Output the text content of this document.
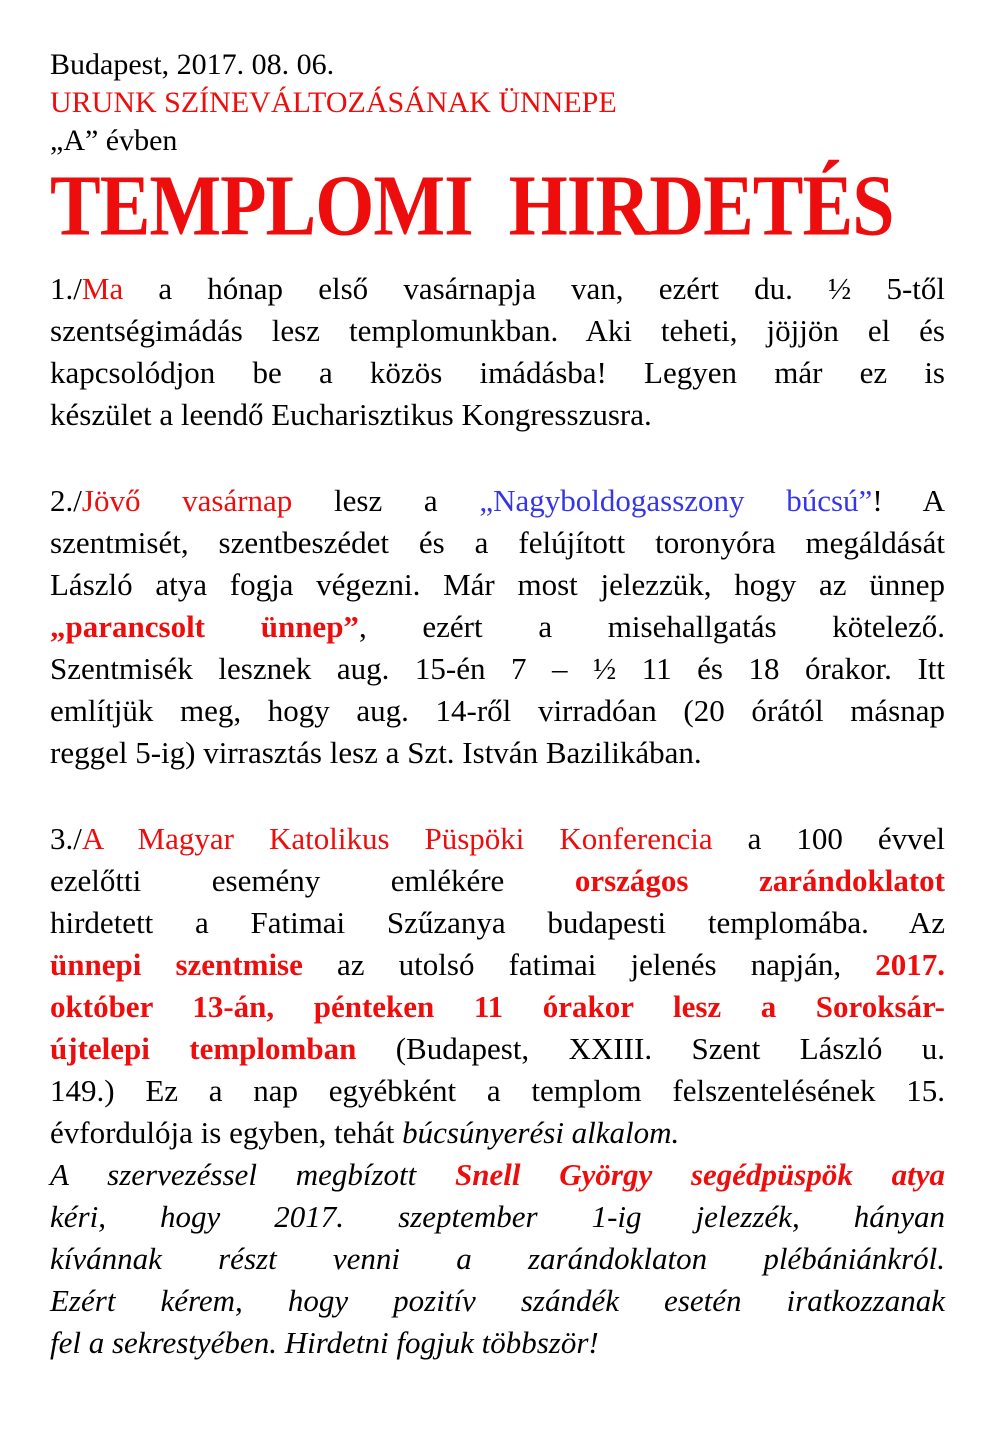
Budapest, 2017. 08. 06.
URUNK SZÍNEVÁLTOZÁSÁNAK ÜNNEPE
„A” évben
TEMPLOMI  HIRDETÉS
1./Ma a hónap első vasárnapja van, ezért du. ½ 5-től
szentségimádás lesz templomunkban. Aki teheti, jöjjön el és
kapcsolódjon be a közös imádásba! Legyen már ez is
készület a leendő Eucharisztikus Kongresszusra.
2./Jövő vasárnap lesz a „Nagyboldogasszony búcsú”! A
szentmisét, szentbeszédet és a felújított toronyóra megáldását
László atya fogja végezni. Már most jelezzük, hogy az ünnep
„parancsolt ünnep”, ezért a misehallgatás kötelező.
Szentmisék lesznek aug. 15-én 7 – ½ 11 és 18 órakor. Itt
említjük meg, hogy aug. 14-ről virradóan (20 órától másnap
reggel 5-ig) virrasztás lesz a Szt. István Bazilikában.
3./A Magyar Katolikus Püspöki Konferencia a 100 évvel
ezelőtti esemény emlékére országos zarándoklatot
hirdetett a Fatimai Szűzanya budapesti templomába. Az
ünnepi szentmise az utolsó fatimai jelenés napján, 2017.
október 13-án, pénteken 11 órakor lesz a Soroksár-
újtelepi templomban (Budapest, XXIII. Szent László u.
149.) Ez a nap egyébként a templom felszentelésének 15.
évfordulója is egyben, tehát búcsúnyerési alkalom.
A szervezéssel megbízott Snell György segédpüspök atya
kéri, hogy 2017. szeptember 1-ig jelezzék, hányan
kívánnak részt venni a zarándoklaton plébániánkról.
Ezért kérem, hogy pozitív szándék esetén iratkozzanak
fel a sekrestyében. Hirdetni fogjuk többször!
